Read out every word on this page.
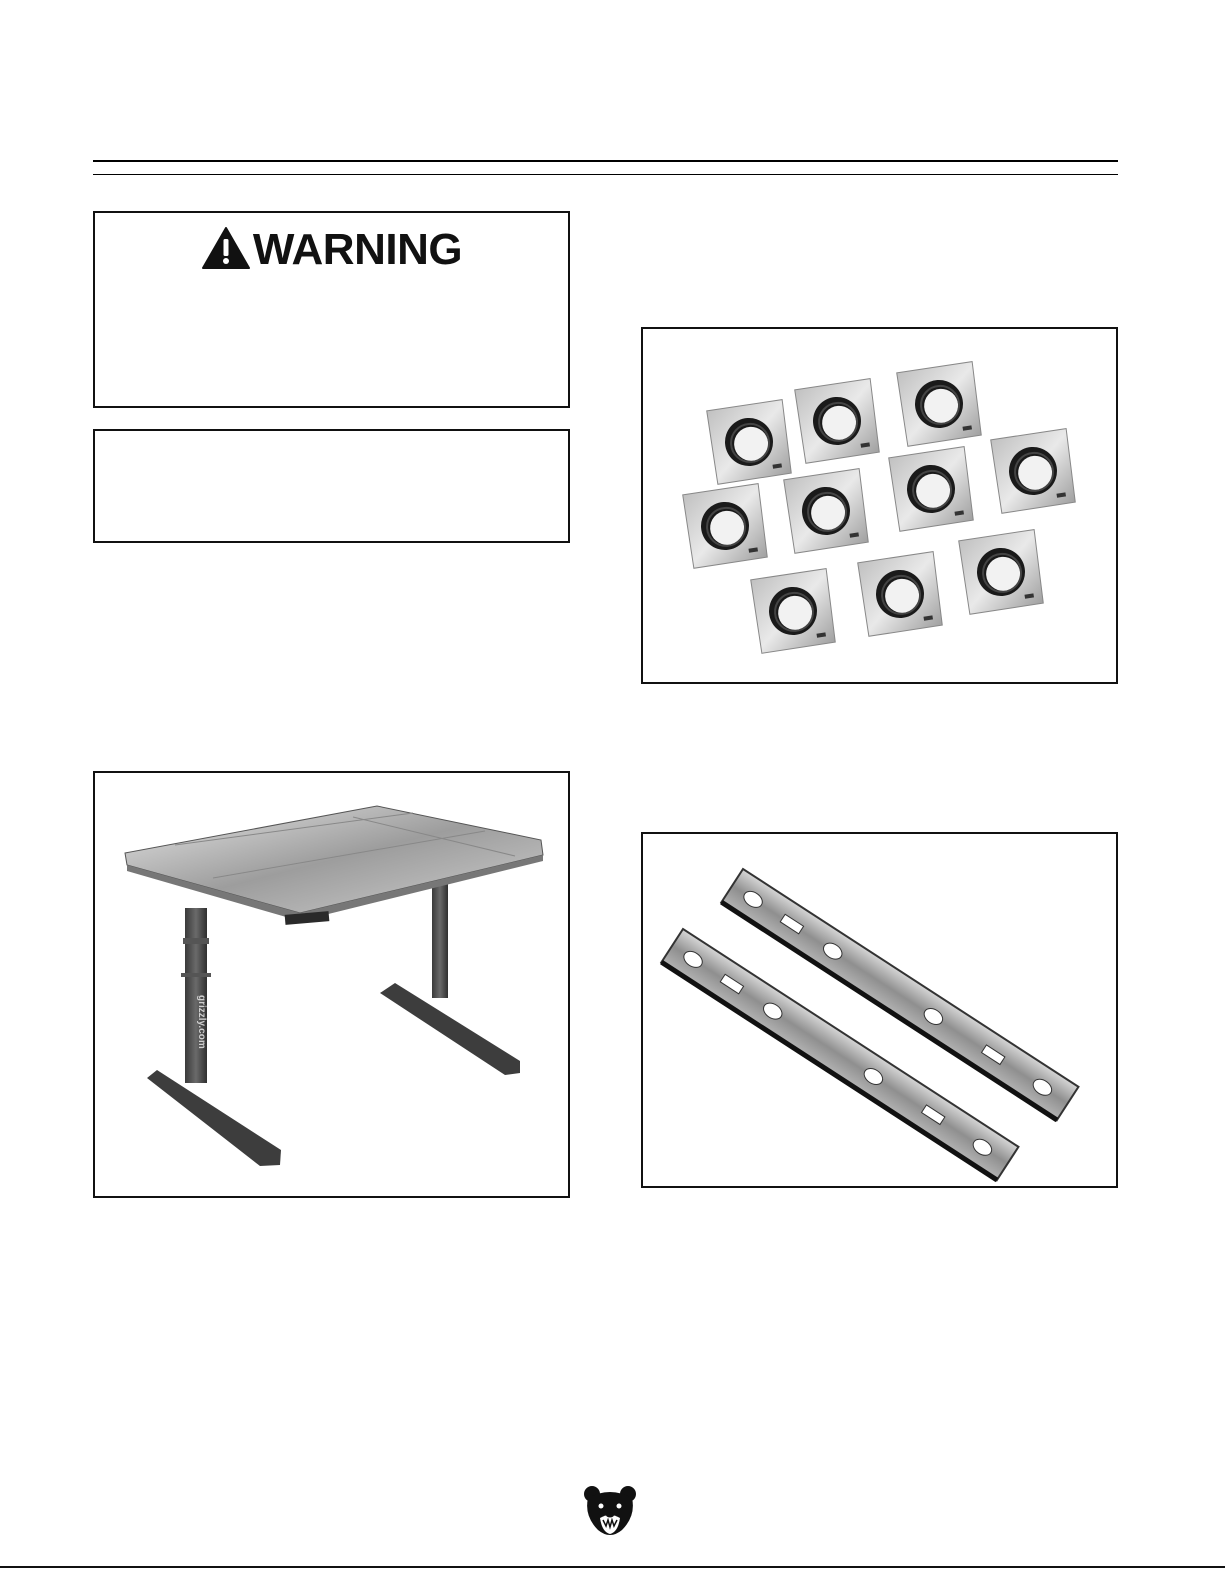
WARNING
grizzly.com
